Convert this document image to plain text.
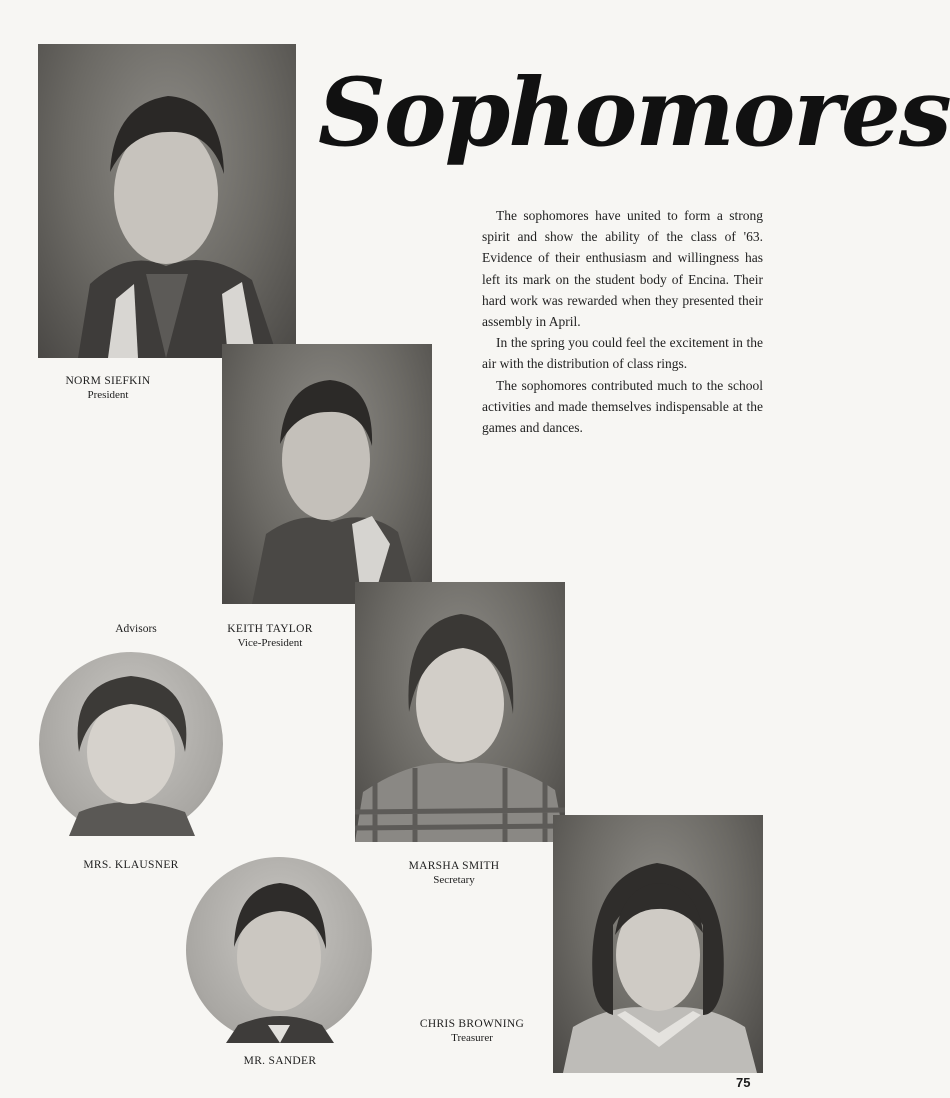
Sophomores

The sophomores have united to form a strong spirit and show the ability of the class of '63. Evidence of their enthusiasm and willingness has left its mark on the student body of Encina. Their hard work was rewarded when they presented their assembly in April.

In the spring you could feel the excitement in the air with the distribution of class rings.

The sophomores contributed much to the school activities and made themselves indispensable at the games and dances.

NORM SIEFKIN
President
KEITH TAYLOR
Vice-President
MARSHA SMITH
Secretary
CHRIS BROWNING
Treasurer
Advisors
MRS. KLAUSNER
MR. SANDER
75
